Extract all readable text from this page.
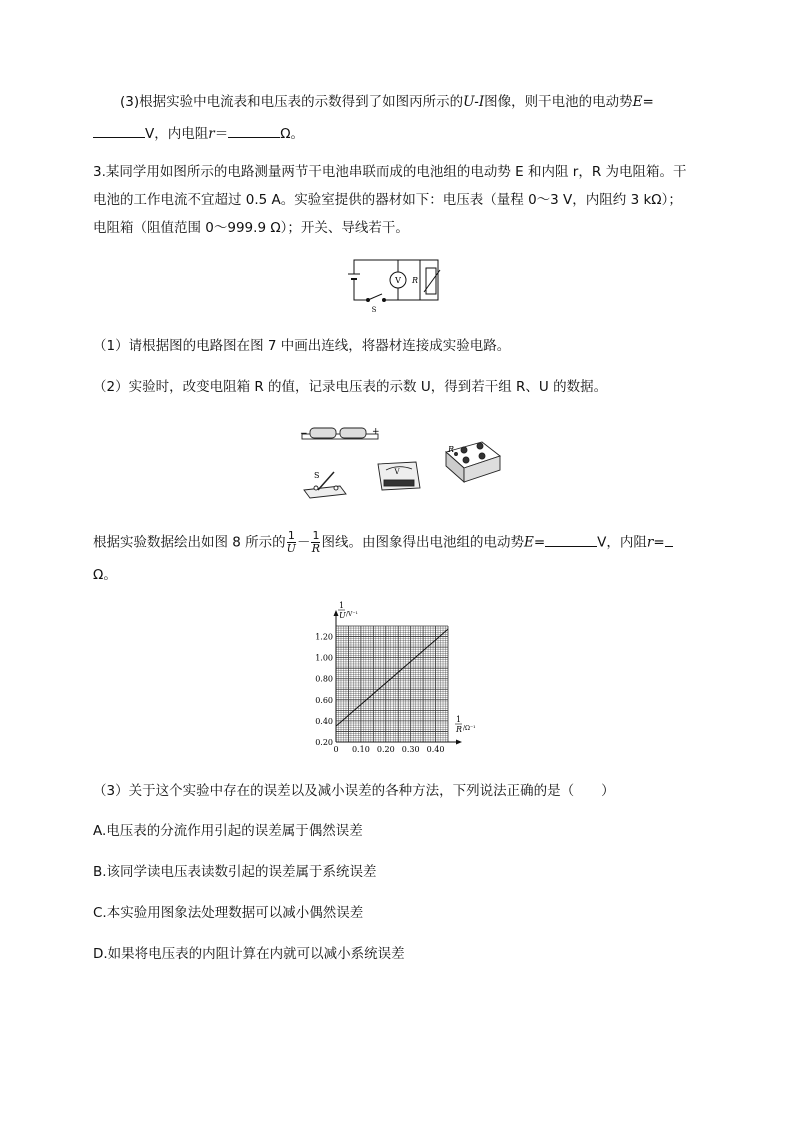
(3)根据实验中电流表和电压表的示数得到了如图丙所示的U-I图像，则干电池的电动势E=
V，内电阻r＝	Ω。
3.某同学用如图所示的电路测量两节干电池串联而成的电池组的电动势 E 和内阻 r，R 为电阻箱。干
电池的工作电流不宜超过 0.5 A。实验室提供的器材如下：电压表（量程 0～3 V，内阻约 3 kΩ）；
电阻箱（阻值范围 0～999.9 Ω）；开关、导线若干。
V R
S
（1）请根据图的电路图在图 7 中画出连线，将器材连接成实验电路。
（2）实验时，改变电阻箱 R 的值，记录电压表的示数 U，得到若干组 R、U 的数据。
−	+
S	V
R
根据实验数据绘出如图 8 所示的 $\frac{1}{U} - \frac{1}{R}$ 图线。由图象得出电池组的电动势E=	V，内阻r=
Ω。
0 0.10 0.20 0.30 0.40
0.20
0.40
0.60
0.80
1.00
1.20
1
U /V⁻¹
1
R /Ω⁻¹
（3）关于这个实验中存在的误差以及减小误差的各种方法，下列说法正确的是（　　）
A.电压表的分流作用引起的误差属于偶然误差
B.该同学读电压表读数引起的误差属于系统误差
C.本实验用图象法处理数据可以减小偶然误差
D.如果将电压表的内阻计算在内就可以减小系统误差
